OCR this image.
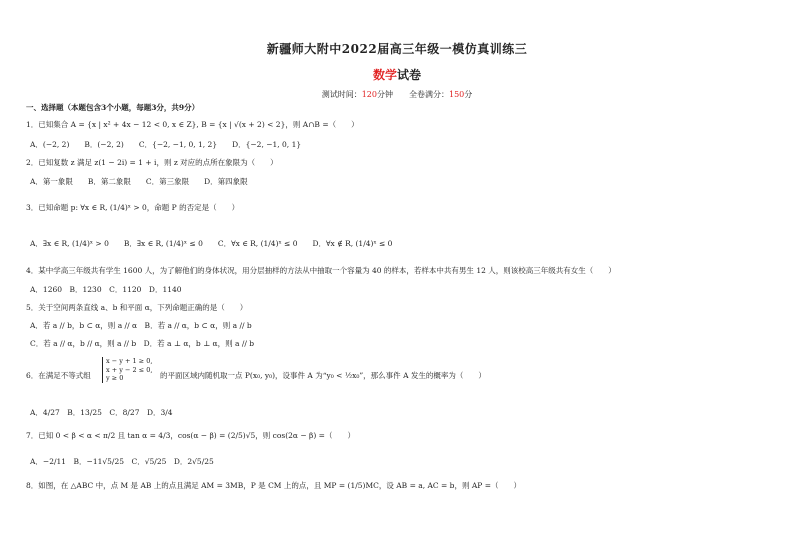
新疆师大附中2022届高三年级一模仿真训练三
数学试卷
测试时间：120分钟　　全卷满分：150分
一、选择题（本题包含3个小题，每题3分，共9分）
1．已知集合 A = {x | x² + 4x − 12 < 0, x ∈ Z}, B = {x | √(x + 2) < 2}，则 A∩B =（　　）
A．(−2, 2)　　B．(−2, 2)　　C．{−2, −1, 0, 1, 2}　　D．{−2, −1, 0, 1}
2．已知复数 z 满足 z(1 − 2i) = 1 + i，则 z 对应的点所在象限为（　　）
A．第一象限　　B．第二象限　　C．第三象限　　D．第四象限
3．已知命题 p: ∀x ∈ R, (1/4)ˣ > 0，命题 P 的否定是（　　）
A．∃x ∈ R, (1/4)ˣ > 0　　B．∃x ∈ R, (1/4)ˣ ≤ 0　　C．∀x ∈ R, (1/4)ˣ ≤ 0　　D．∀x ∉ R, (1/4)ˣ ≤ 0
4．某中学高三年级共有学生 1600 人，为了解他们的身体状况，用分层抽样的方法从中抽取一个容量为 40 的样本，若样本中共有男生 12 人，则该校高三年级共有女生（　　）
A．1260　B．1230　C．1120　D．1140
5．关于空间两条直线 a、b 和平面 α，下列命题正确的是（　　）
A．若 a // b，b ⊂ α，则 a // α　B．若 a // α，b ⊂ α，则 a // b
C．若 a // α，b // α，则 a // b　D．若 a ⊥ α，b ⊥ α，则 a // b
6．在满足不等式组
x − y + 1 ≥ 0,
x + y − 2 ≤ 0,
y ≥ 0	的平面区域内随机取一点 P(x₀, y₀)，设事件 A 为“y₀ < ½x₀”，那么事件 A 发生的概率为（　　）
A．4/27　B．13/25　C．8/27　D．3/4
7．已知 0 < β < α < π/2 且 tan α = 4/3，cos(α − β) = (2/5)√5，则 cos(2α − β) =（　　）
A．−2/11　B．−11√5/25　C．√5/25　D．2√5/25
8．如图，在 △ABC 中，点 M 是 AB 上的点且满足 AM = 3MB，P 是 CM 上的点，且 MP = (1/5)MC，设 AB = a, AC = b，则 AP =（　　）
